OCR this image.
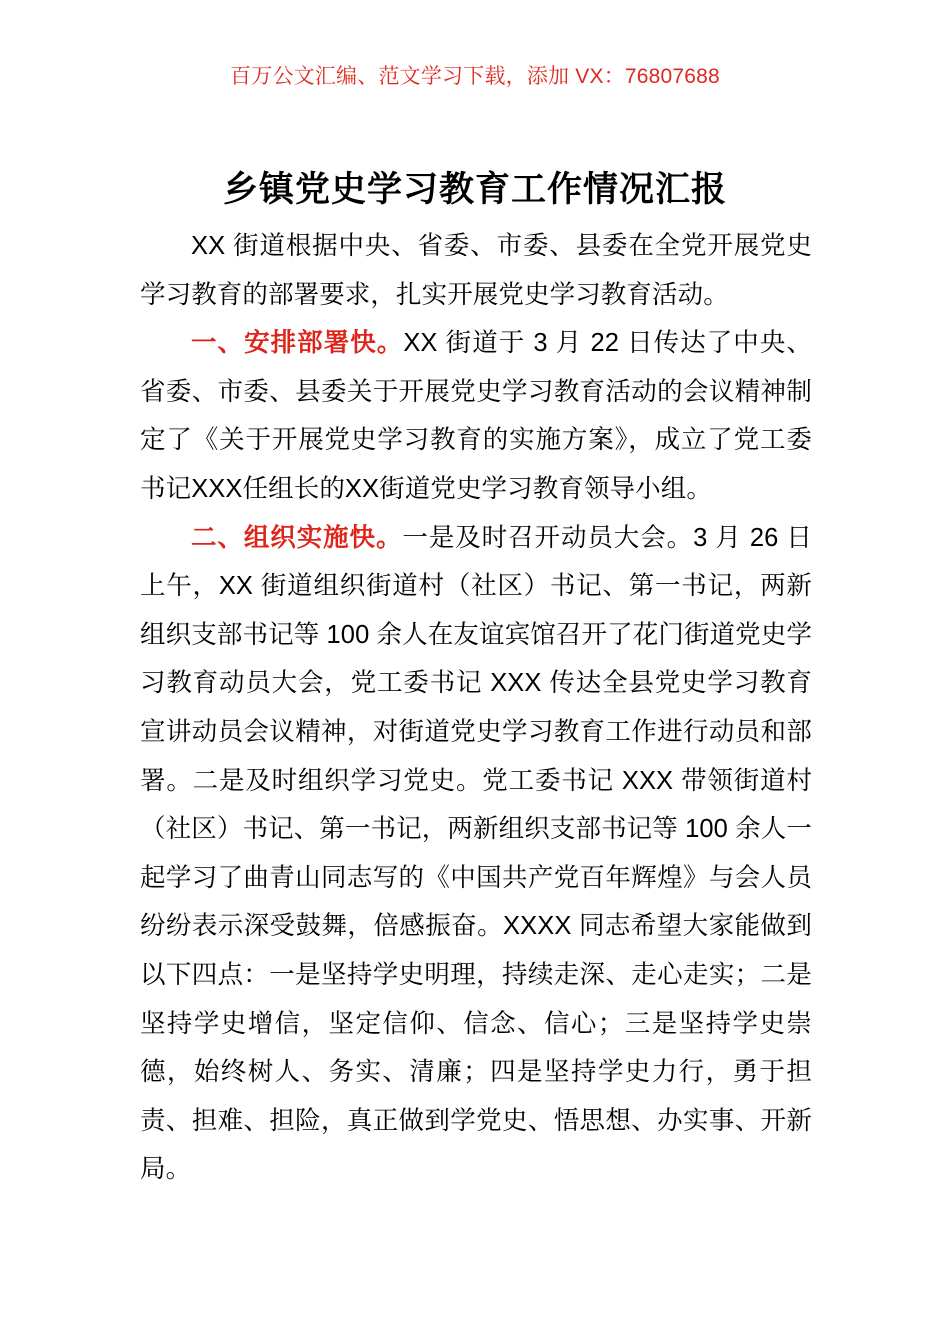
百万公文汇编、范文学习下载，添加 VX：76807688
乡镇党史学习教育工作情况汇报

XX 街道根据中央、省委、市委、县委在全党开展党史学习教育的部署要求，扎实开展党史学习教育活动。

一、安排部署快。XX 街道于 3 月 22 日传达了中央、省委、市委、县委关于开展党史学习教育活动的会议精神制定了《关于开展党史学习教育的实施方案》，成立了党工委书记XXX任组长的XX街道党史学习教育领导小组。

二、组织实施快。一是及时召开动员大会。3 月 26 日上午，XX 街道组织街道村（社区）书记、第一书记，两新组织支部书记等 100 余人在友谊宾馆召开了花门街道党史学习教育动员大会，党工委书记 XXX 传达全县党史学习教育宣讲动员会议精神，对街道党史学习教育工作进行动员和部署。二是及时组织学习党史。党工委书记 XXX 带领街道村（社区）书记、第一书记，两新组织支部书记等 100 余人一起学习了曲青山同志写的《中国共产党百年辉煌》与会人员纷纷表示深受鼓舞，倍感振奋。XXXX 同志希望大家能做到以下四点：一是坚持学史明理，持续走深、走心走实；二是坚持学史增信，坚定信仰、信念、信心；三是坚持学史崇德，始终树人、务实、清廉；四是坚持学史力行，勇于担责、担难、担险，真正做到学党史、悟思想、办实事、开新局。
